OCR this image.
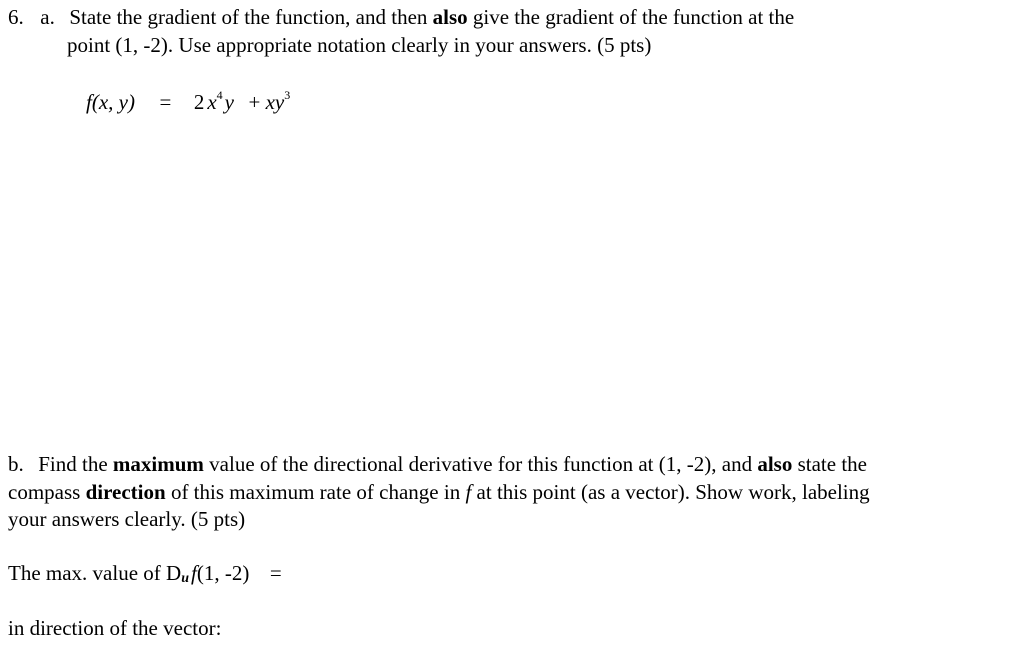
6. a. State the gradient of the function, and then also give the gradient of the function at the
point (1, -2). Use appropriate notation clearly in your answers. (5 pts)
f(x, y) = 2 $x^4y + xy^3$
b. Find the maximum value of the directional derivative for this function at (1, -2), and also state the
compass direction of this maximum rate of change in f at this point (as a vector). Show work, labeling
your answers clearly. (5 pts)
The max. value of $D_uf(1$, -2) =
in direction of the vector:
